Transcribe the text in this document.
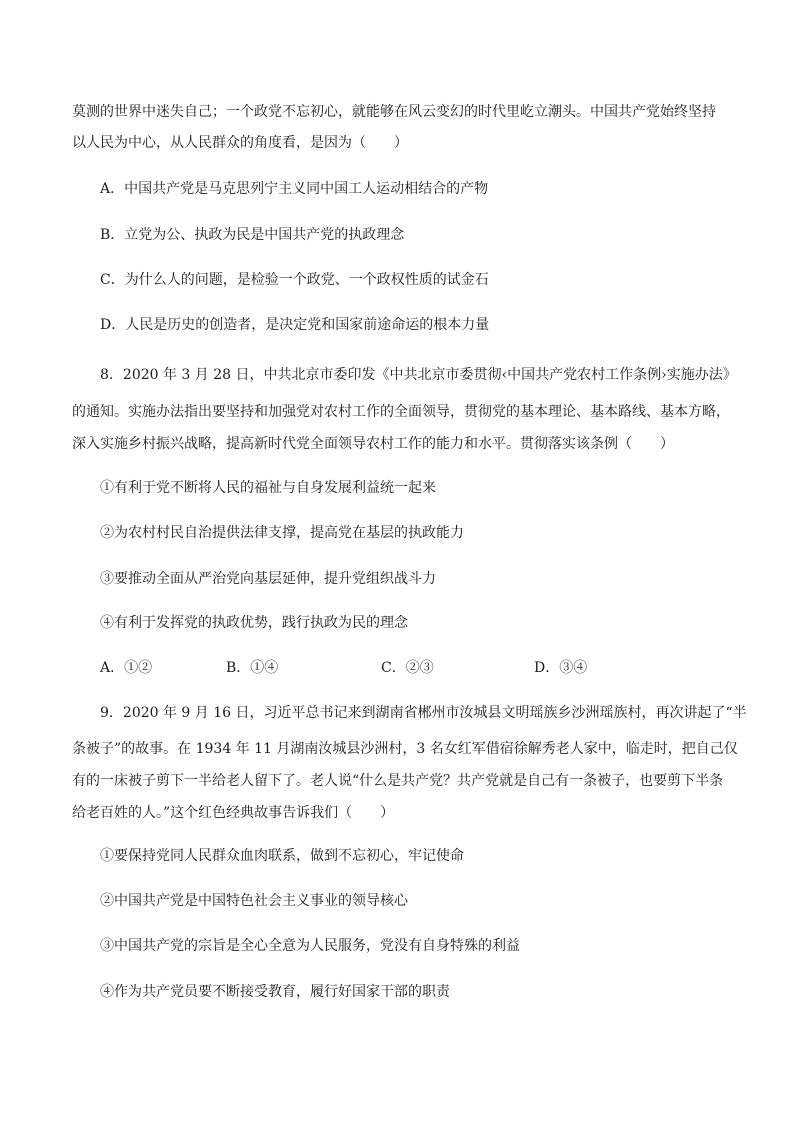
莫测的世界中迷失自己；一个政党不忘初心，就能够在风云变幻的时代里屹立潮头。中国共产党始终坚持
以人民为中心，从人民群众的角度看，是因为（　　）
A．中国共产党是马克思列宁主义同中国工人运动相结合的产物
B．立党为公、执政为民是中国共产党的执政理念
C．为什么人的问题，是检验一个政党、一个政权性质的试金石
D．人民是历史的创造者，是决定党和国家前途命运的根本力量
8．2020 年 3 月 28 日，中共北京市委印发《中共北京市委贯彻‹中国共产党农村工作条例›实施办法》
的通知。实施办法指出要坚持和加强党对农村工作的全面领导，贯彻党的基本理论、基本路线、基本方略，
深入实施乡村振兴战略，提高新时代党全面领导农村工作的能力和水平。贯彻落实该条例（　　）
①有利于党不断将人民的福祉与自身发展利益统一起来
②为农村村民自治提供法律支撑，提高党在基层的执政能力
③要推动全面从严治党向基层延伸，提升党组织战斗力
④有利于发挥党的执政优势，践行执政为民的理念
A．①②	B．①④	C．②③	D．③④
9．2020 年 9 月 16 日，习近平总书记来到湖南省郴州市汝城县文明瑶族乡沙洲瑶族村，再次讲起了“半
条被子”的故事。在 1934 年 11 月湖南汝城县沙洲村，3 名女红军借宿徐解秀老人家中，临走时，把自己仅
有的一床被子剪下一半给老人留下了。老人说“什么是共产党？共产党就是自己有一条被子，也要剪下半条
给老百姓的人。”这个红色经典故事告诉我们（　　）
①要保持党同人民群众血肉联系，做到不忘初心，牢记使命
②中国共产党是中国特色社会主义事业的领导核心
③中国共产党的宗旨是全心全意为人民服务，党没有自身特殊的利益
④作为共产党员要不断接受教育，履行好国家干部的职责
